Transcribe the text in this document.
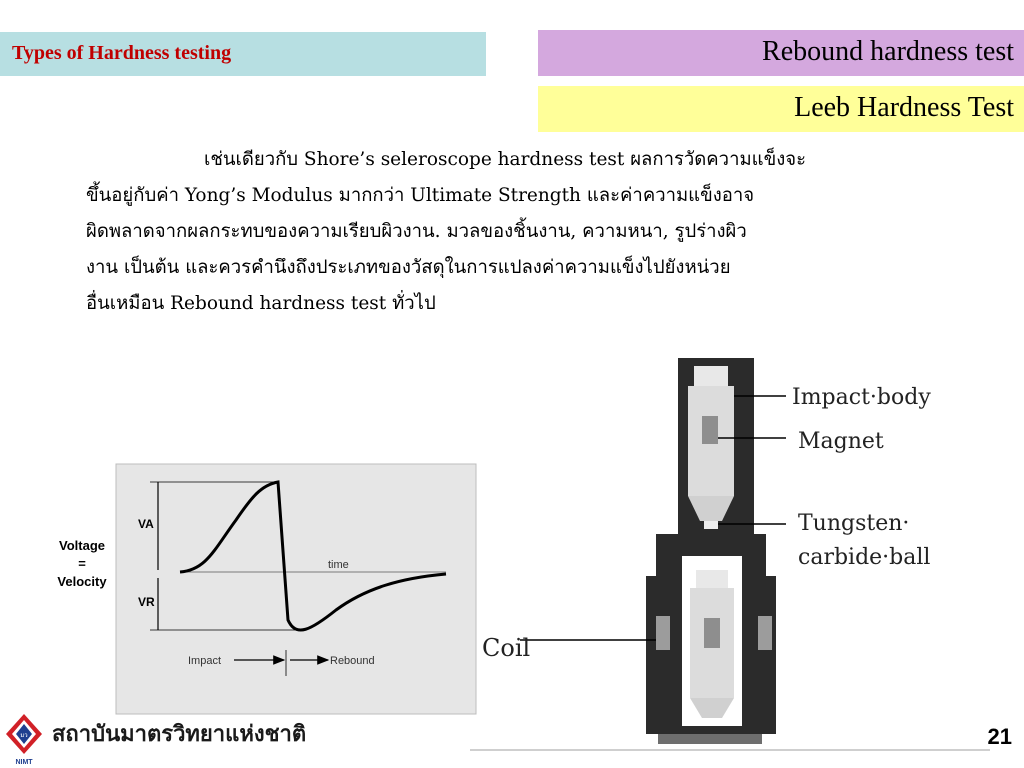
Types of Hardness testing	Rebound hardness test
Leeb Hardness Test
เช่นเดียวกับ Shore’s seleroscope hardness test ผลการวัดความแข็งจะ
ขึ้นอยู่กับค่า Yong’s Modulus มากกว่า Ultimate Strength และค่าความแข็งอาจ
ผิดพลาดจากผลกระทบของความเรียบผิวงาน. มวลของชิ้นงาน, ความหนา, รูปร่างผิว
งาน เป็นต้น และควรคำนึงถึงประเภทของวัสดุในการแปลงค่าความแข็งไปยังหน่วย
อื่นเหมือน Rebound hardness test ทั่วไป
Voltage
=
Velocity
VA
VR
time
Impact	Rebound
Impact·body
Magnet
Tungsten·
carbide·ball
Coil
มว
NIMT
สถาบันมาตรวิทยาแห่งชาติ	21
